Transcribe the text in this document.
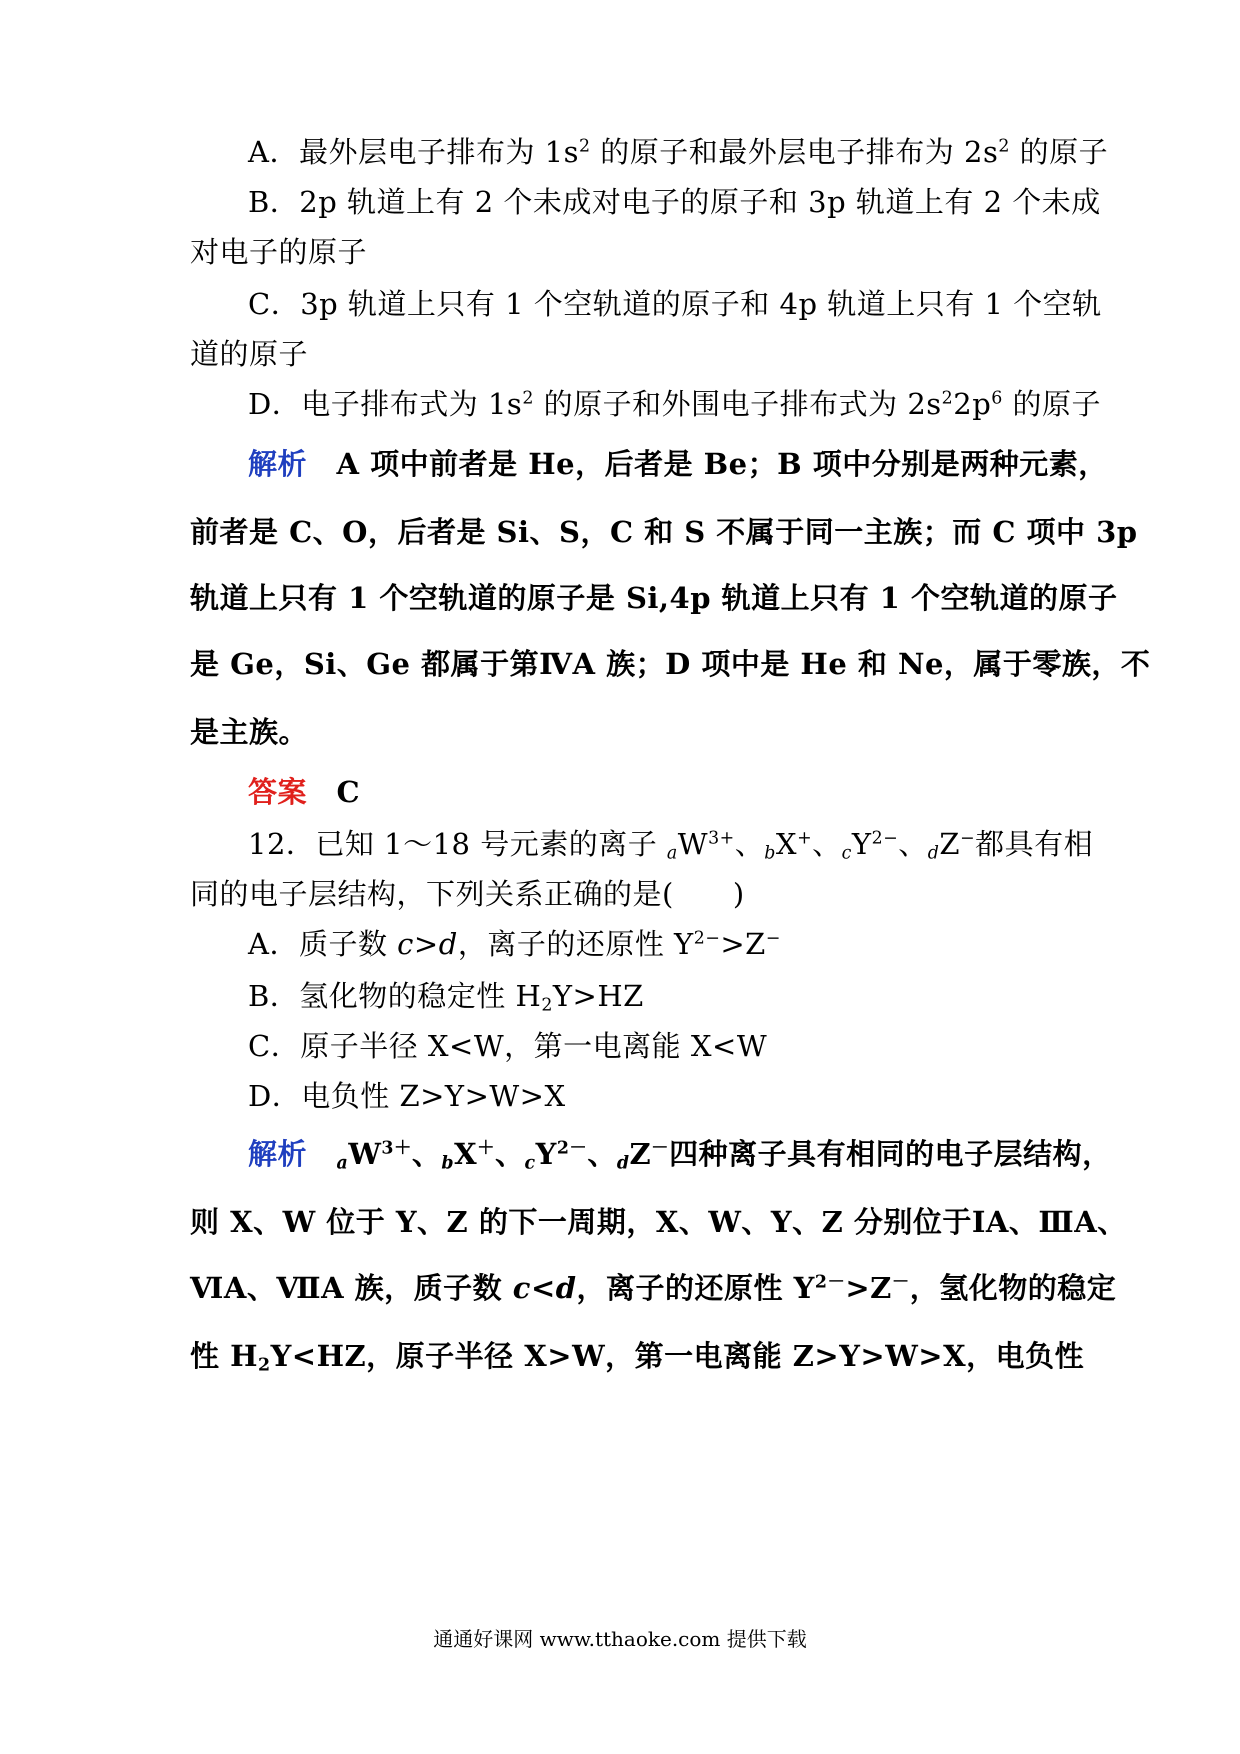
A．最外层电子排布为 $1s^2$ 的原子和最外层电子排布为 $2s^2$ 的原子
B．2p 轨道上有 2 个未成对电子的原子和 3p 轨道上有 2 个未成
对电子的原子
C．3p 轨道上只有 1 个空轨道的原子和 4p 轨道上只有 1 个空轨
道的原子
D．电子排布式为 $1s^2$ 的原子和外围电子排布式为 $2s^22p^6$ 的原子
解析　 A 项中前者是 He，后者是 Be；B 项中分别是两种元素，
前者是 C、O，后者是 Si、S，C 和 S 不属于同一主族；而 C 项中 3p
轨道上只有 1 个空轨道的原子是 Si,4p 轨道上只有 1 个空轨道的原子
是 Ge，Si、Ge 都属于第ⅣA 族；D 项中是 He 和 Ne，属于零族，不
是主族。
答案　 C
12．已知 1～18 号元素的离子 $aW^{3+}$、bX+、$cY^{2-}$、dZ−都具有相
同的电子层结构，下列关系正确的是(　　)
A．质子数 c>d，离子的还原性 $Y^{2-}>Z^-$
B．氢化物的稳定性 $H_2Y>HZ$
C．原子半径 X<W，第一电离能 X<W
D．电负性 Z>Y>W>X
解析　 $aW^{3+}$、bX＋、$cY^{2-}$、dZ－四种离子具有相同的电子层结构，
则 X、W 位于 Y、Z 的下一周期，X、W、Y、Z 分别位于ⅠA、ⅢA、
ⅥA、ⅦA 族，质子数 c<d，离子的还原性 $Y^{2-}>Z^-$，氢化物的稳定
性 $H_2Y<HZ$，原子半径 X>W，第一电离能 Z>Y>W>X，电负性
通通好课网 www.tthaoke.com 提供下载
